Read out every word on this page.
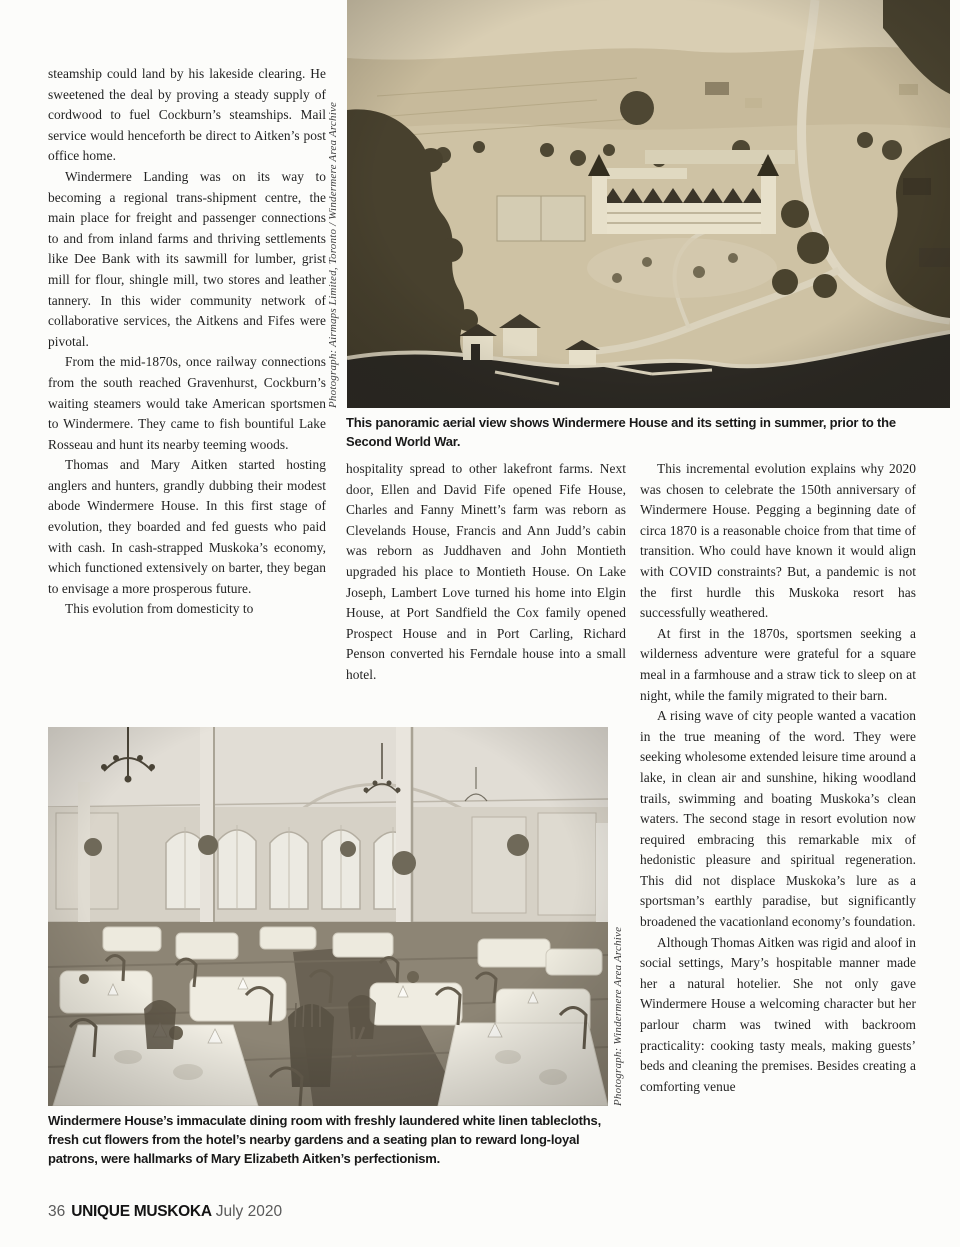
Photograph: Airmaps Limited, Toronto / Windermere Area Archive
This panoramic aerial view shows Windermere House and its setting in summer, prior to the Second World War.

steamship could land by his lakeside clearing. He sweetened the deal by proving a steady supply of cordwood to fuel Cockburn’s steamships. Mail service would henceforth be direct to Aitken’s post office home.

Windermere Landing was on its way to becoming a regional trans-shipment centre, the main place for freight and passenger connections to and from inland farms and thriving settlements like Dee Bank with its sawmill for lumber, grist mill for flour, shingle mill, two stores and leather tannery. In this wider community network of collaborative services, the Aitkens and Fifes were pivotal.

From the mid-1870s, once railway connections from the south reached Gravenhurst, Cockburn’s waiting steamers would take American sportsmen to Windermere. They came to fish bountiful Lake Rosseau and hunt its nearby teeming woods.

Thomas and Mary Aitken started hosting anglers and hunters, grandly dubbing their modest abode Windermere House. In this first stage of evolution, they boarded and fed guests who paid with cash. In cash-strapped Muskoka’s economy, which functioned extensively on barter, they began to envisage a more prosperous future.

This evolution from domesticity to

hospitality spread to other lakefront farms. Next door, Ellen and David Fife opened Fife House, Charles and Fanny Minett’s farm was reborn as Clevelands House, Francis and Ann Judd’s cabin was reborn as Juddhaven and John Montieth upgraded his place to Montieth House. On Lake Joseph, Lambert Love turned his home into Elgin House, at Port Sandfield the Cox family opened Prospect House and in Port Carling, Richard Penson converted his Ferndale house into a small hotel.

This incremental evolution explains why 2020 was chosen to celebrate the 150th anniversary of Windermere House. Pegging a beginning date of circa 1870 is a reasonable choice from that time of transition. Who could have known it would align with COVID constraints? But, a pandemic is not the first hurdle this Muskoka resort has successfully weathered.

At first in the 1870s, sportsmen seeking a wilderness adventure were grateful for a square meal in a farmhouse and a straw tick to sleep on at night, while the family migrated to their barn.

A rising wave of city people wanted a vacation in the true meaning of the word. They were seeking wholesome extended leisure time around a lake, in clean air and sunshine, hiking woodland trails, swimming and boating Muskoka’s clean waters. The second stage in resort evolution now required embracing this remarkable mix of hedonistic pleasure and spiritual regeneration. This did not displace Muskoka’s lure as a sportsman’s earthly paradise, but significantly broadened the vacationland economy’s foundation.

Although Thomas Aitken was rigid and aloof in social settings, Mary’s hospitable manner made her a natural hotelier. She not only gave Windermere House a welcoming character but her parlour charm was twined with backroom practicality: cooking tasty meals, making guests’ beds and cleaning the premises. Besides creating a comforting venue

Photograph: Windermere Area Archive
Windermere House’s immaculate dining room with freshly laundered white linen tablecloths, fresh cut flowers from the hotel’s nearby gardens and a seating plan to reward long-loyal patrons, were hallmarks of Mary Elizabeth Aitken’s perfectionism.
36 UNIQUE MUSKOKA July 2020
